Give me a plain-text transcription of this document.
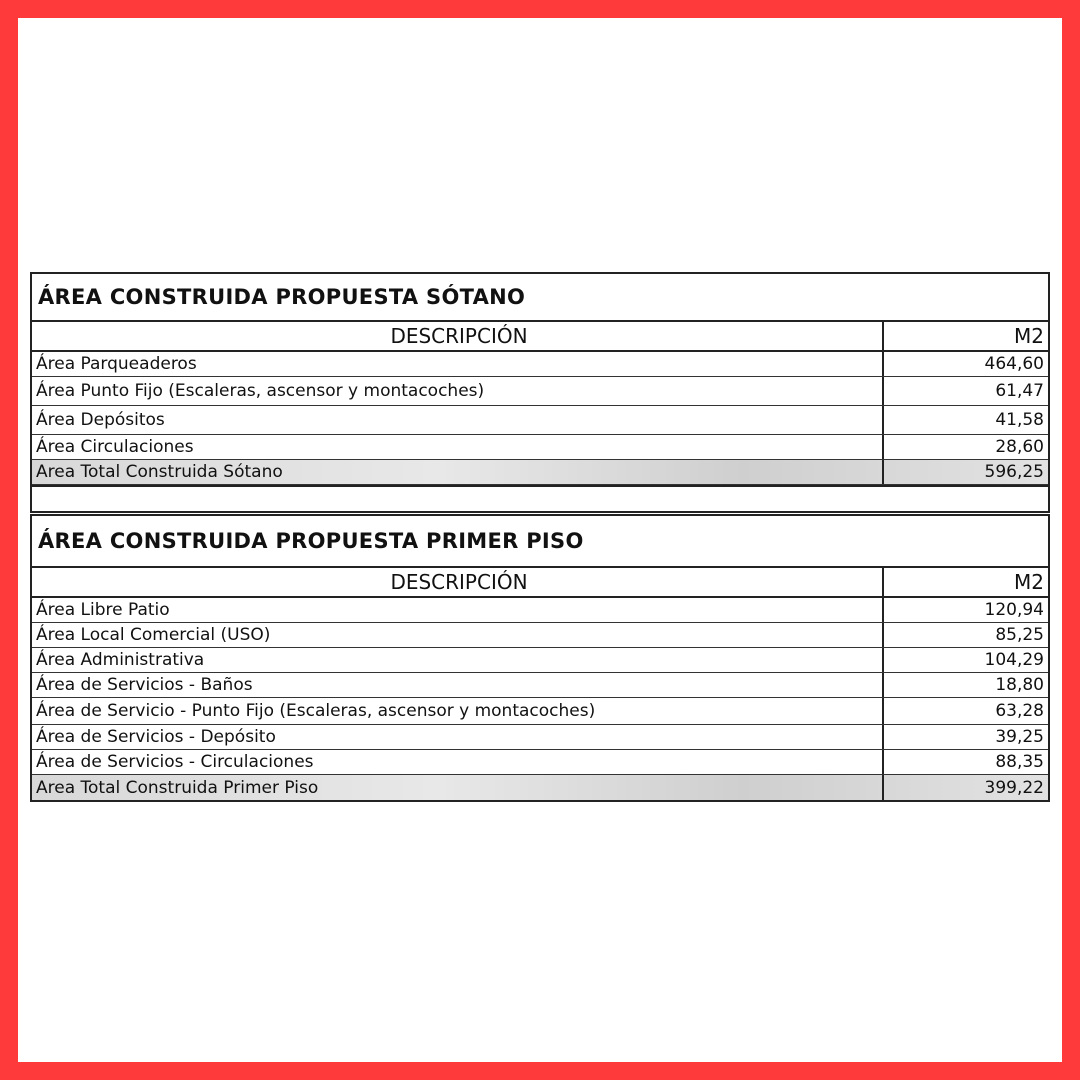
ÁREA CONSTRUIDA PROPUESTA SÓTANO
DESCRIPCIÓN	M2
Área Parqueaderos	464,60
Área Punto Fijo (Escaleras, ascensor y montacoches)	61,47
Área Depósitos	41,58
Área Circulaciones	28,60
Area Total Construida Sótano	596,25
ÁREA CONSTRUIDA PROPUESTA PRIMER PISO
DESCRIPCIÓN	M2
Área Libre Patio	120,94
Área Local Comercial (USO)	85,25
Área Administrativa	104,29
Área de Servicios - Baños	18,80
Área de Servicio - Punto Fijo (Escaleras, ascensor y montacoches)	63,28
Área de Servicios - Depósito	39,25
Área de Servicios - Circulaciones	88,35
Area Total Construida Primer Piso	399,22
